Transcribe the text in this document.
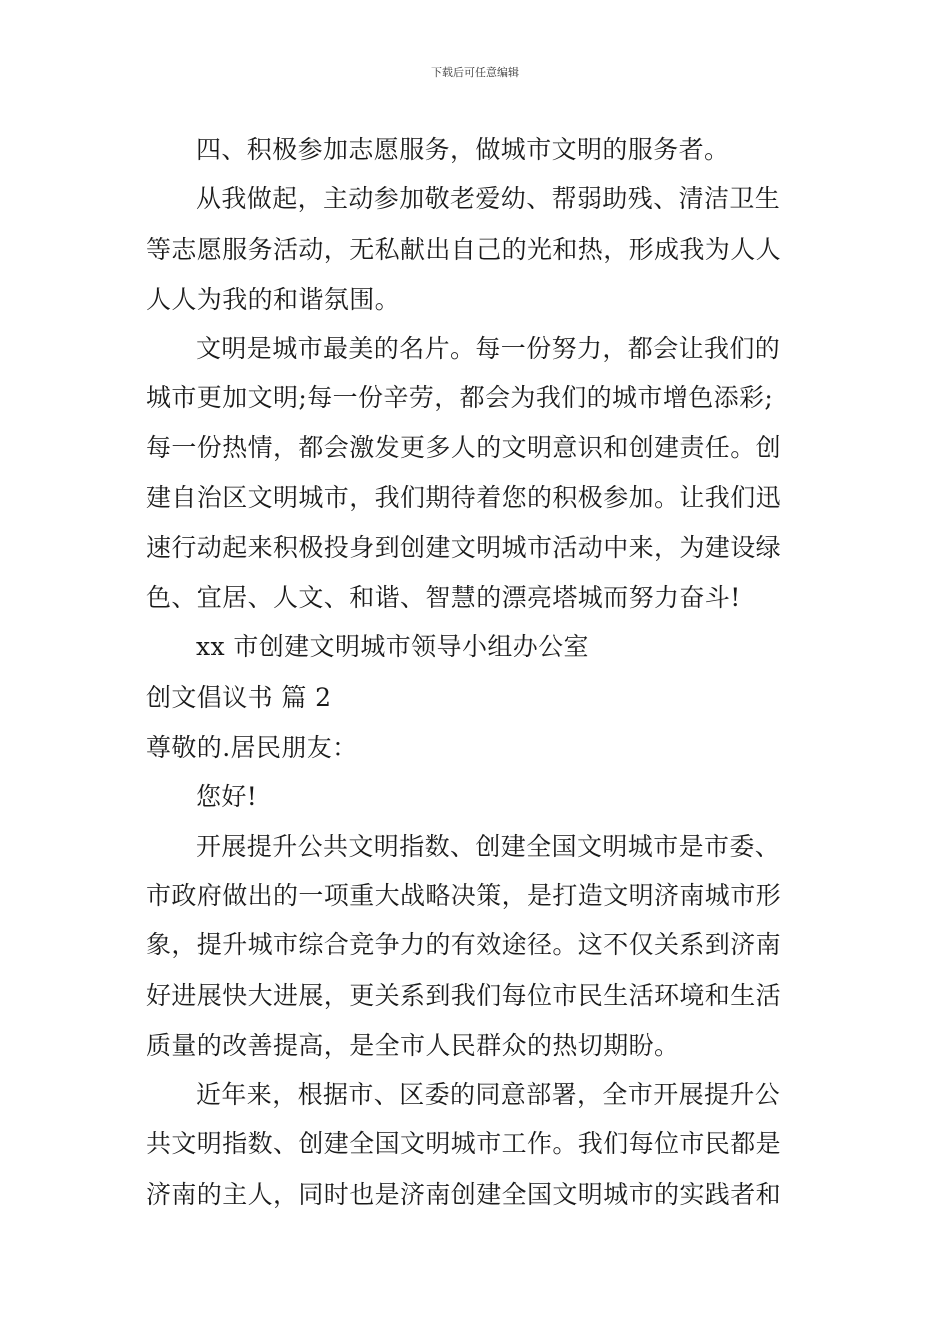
下载后可任意编辑
四、积极参加志愿服务，做城市文明的服务者。
从我做起，主动参加敬老爱幼、帮弱助残、清洁卫生
等志愿服务活动，无私献出自己的光和热，形成我为人人
人人为我的和谐氛围。
文明是城市最美的名片。每一份努力，都会让我们的
城市更加文明;每一份辛劳，都会为我们的城市增色添彩;
每一份热情，都会激发更多人的文明意识和创建责任。创
建自治区文明城市，我们期待着您的积极参加。让我们迅
速行动起来积极投身到创建文明城市活动中来，为建设绿
色、宜居、人文、和谐、智慧的漂亮塔城而努力奋斗!
xx 市创建文明城市领导小组办公室
创文倡议书 篇 2
尊敬的.居民朋友：
您好!
开展提升公共文明指数、创建全国文明城市是市委、
市政府做出的一项重大战略决策，是打造文明济南城市形
象，提升城市综合竞争力的有效途径。这不仅关系到济南
好进展快大进展，更关系到我们每位市民生活环境和生活
质量的改善提高，是全市人民群众的热切期盼。
近年来，根据市、区委的同意部署，全市开展提升公
共文明指数、创建全国文明城市工作。我们每位市民都是
济南的主人，同时也是济南创建全国文明城市的实践者和
